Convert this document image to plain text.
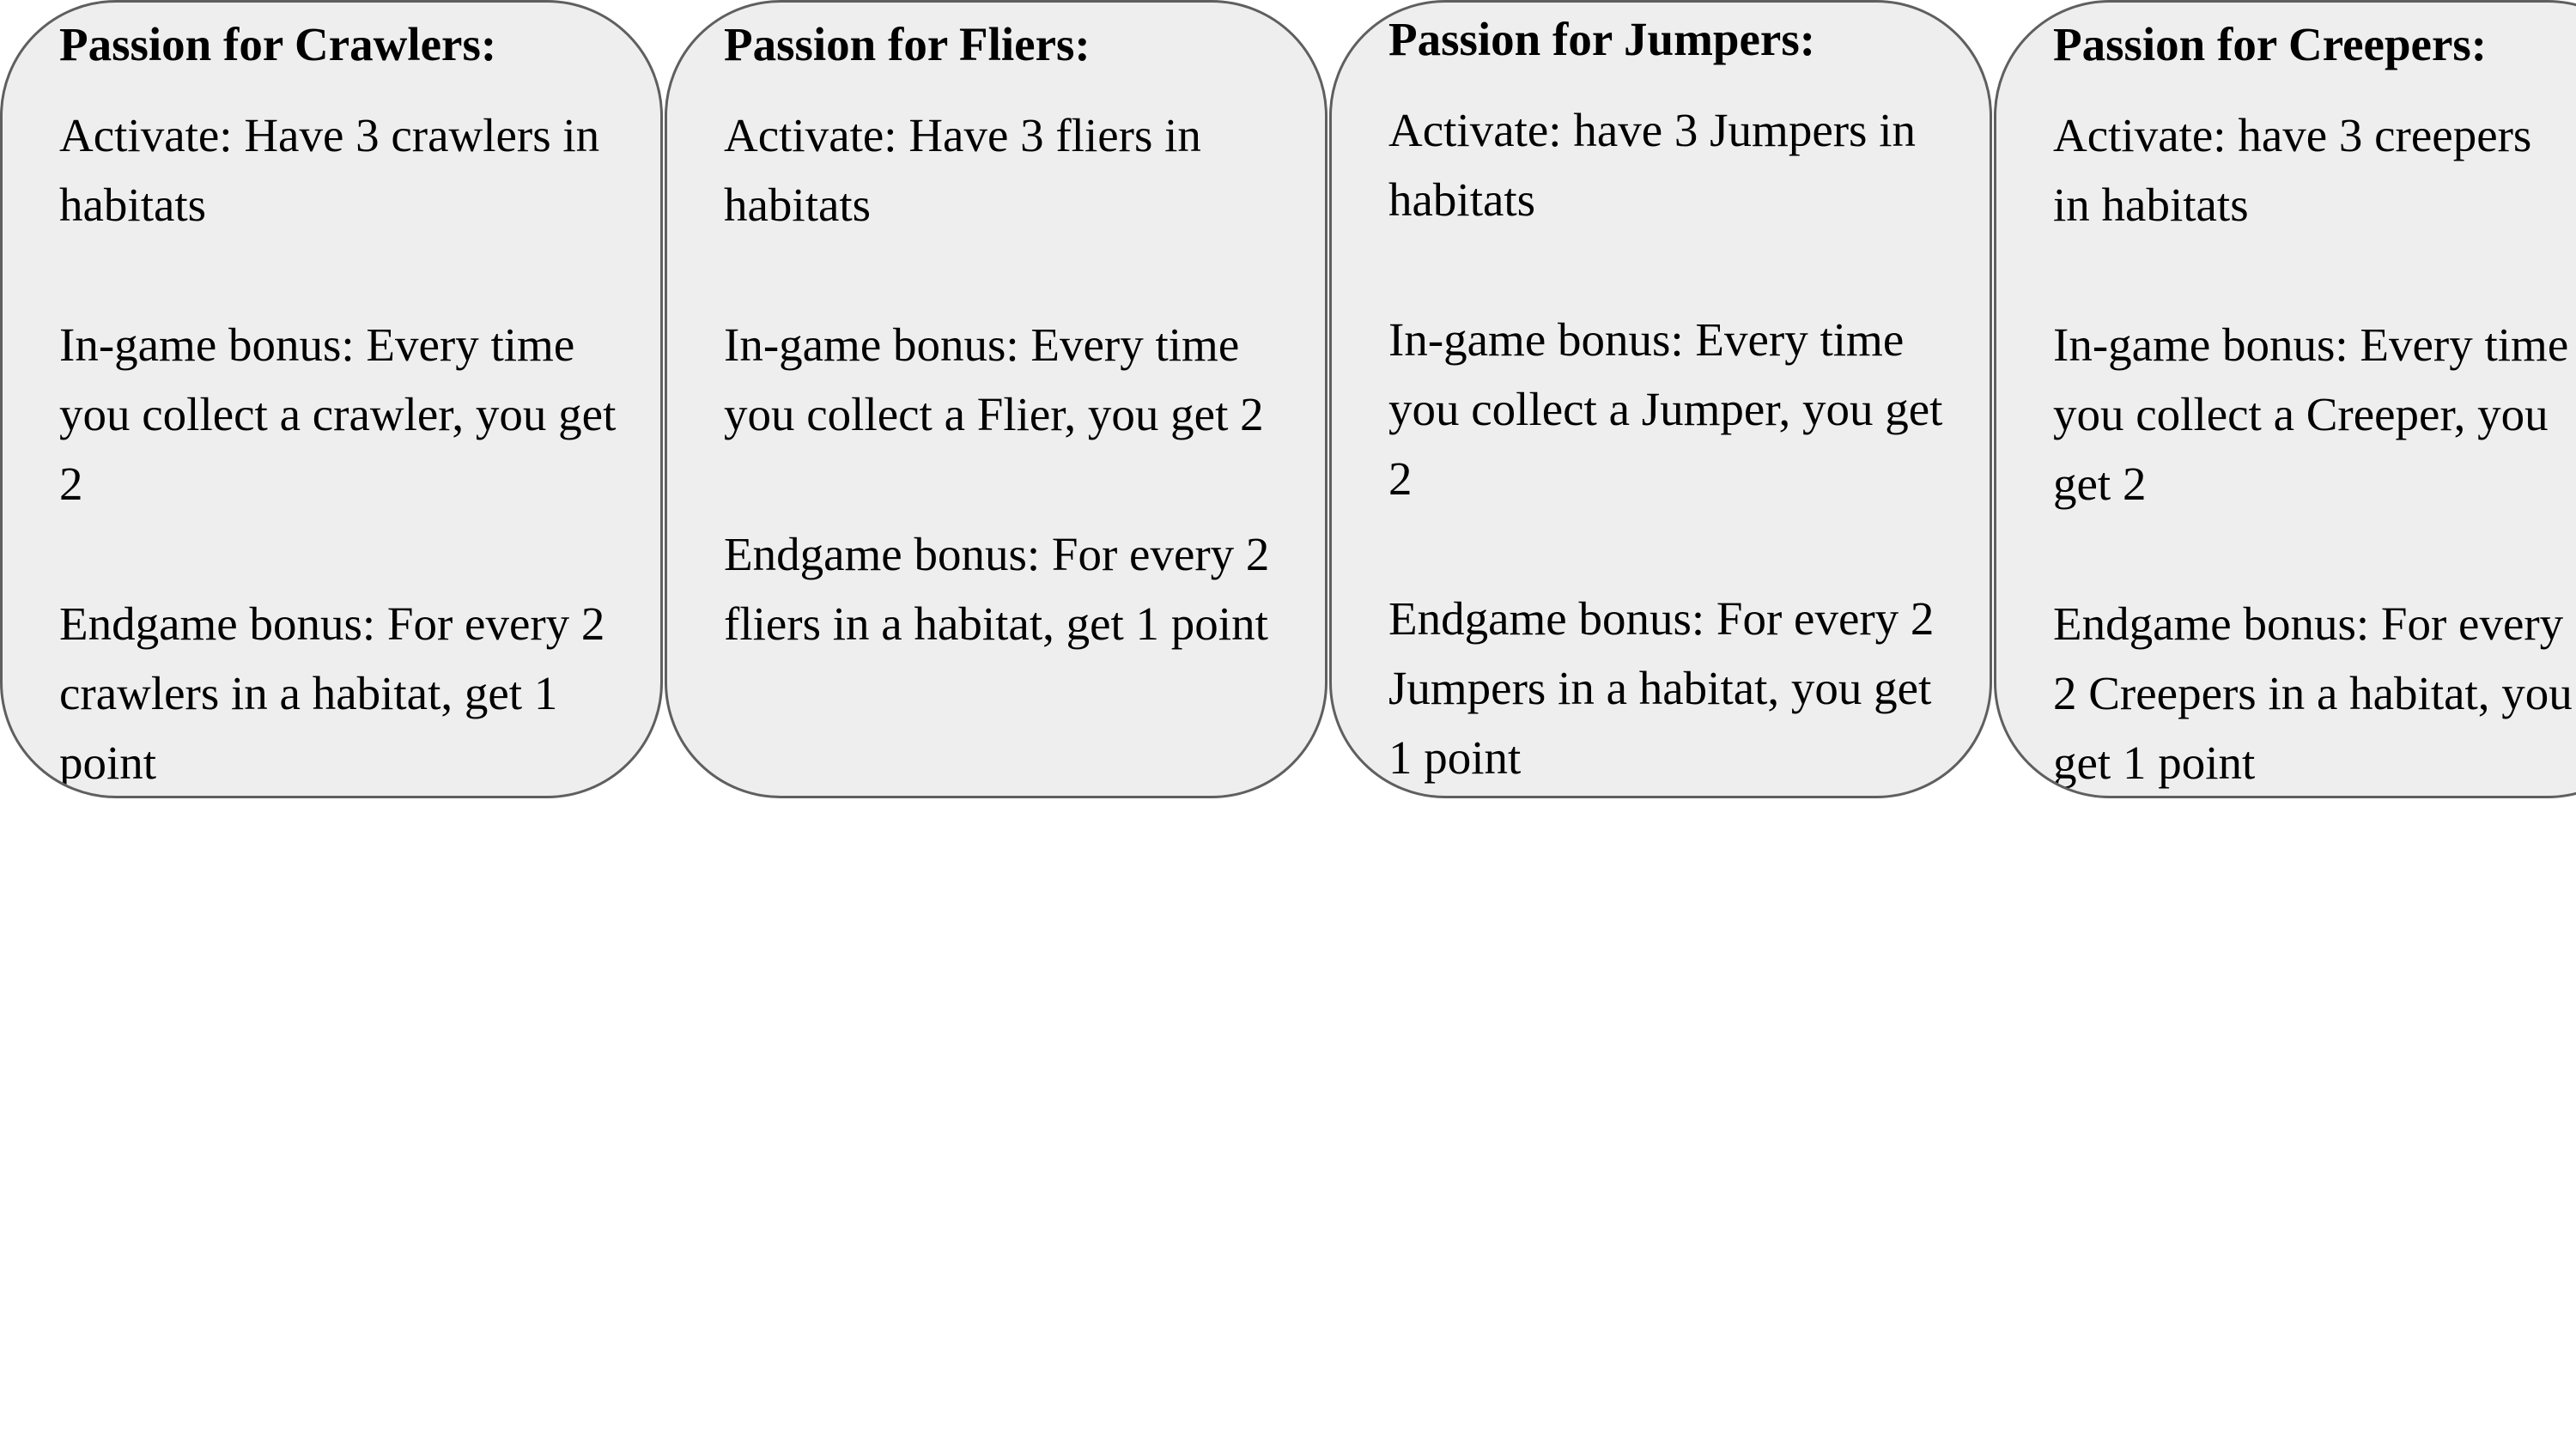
Passion for Crawlers:
Activate: Have 3 crawlers in habitats
In-game bonus: Every time you collect a crawler, you get 2
Endgame bonus: For every 2 crawlers in a habitat, get 1 point
Passion for Fliers:
Activate: Have 3 fliers in habitats
In-game bonus: Every time you collect a Flier, you get 2
Endgame bonus: For every 2 fliers in a habitat, get 1 point
Passion for Jumpers:
Activate: have 3 Jumpers in habitats
In-game bonus: Every time you collect a Jumper, you get 2
Endgame bonus: For every 2 Jumpers in a habitat, you get 1 point
Passion for Creepers:
Activate: have 3 creepers
in habitats
In-game bonus: Every time
you collect a Creeper, you
get 2
Endgame bonus: For every
2 Creepers in a habitat, you
get 1 point
